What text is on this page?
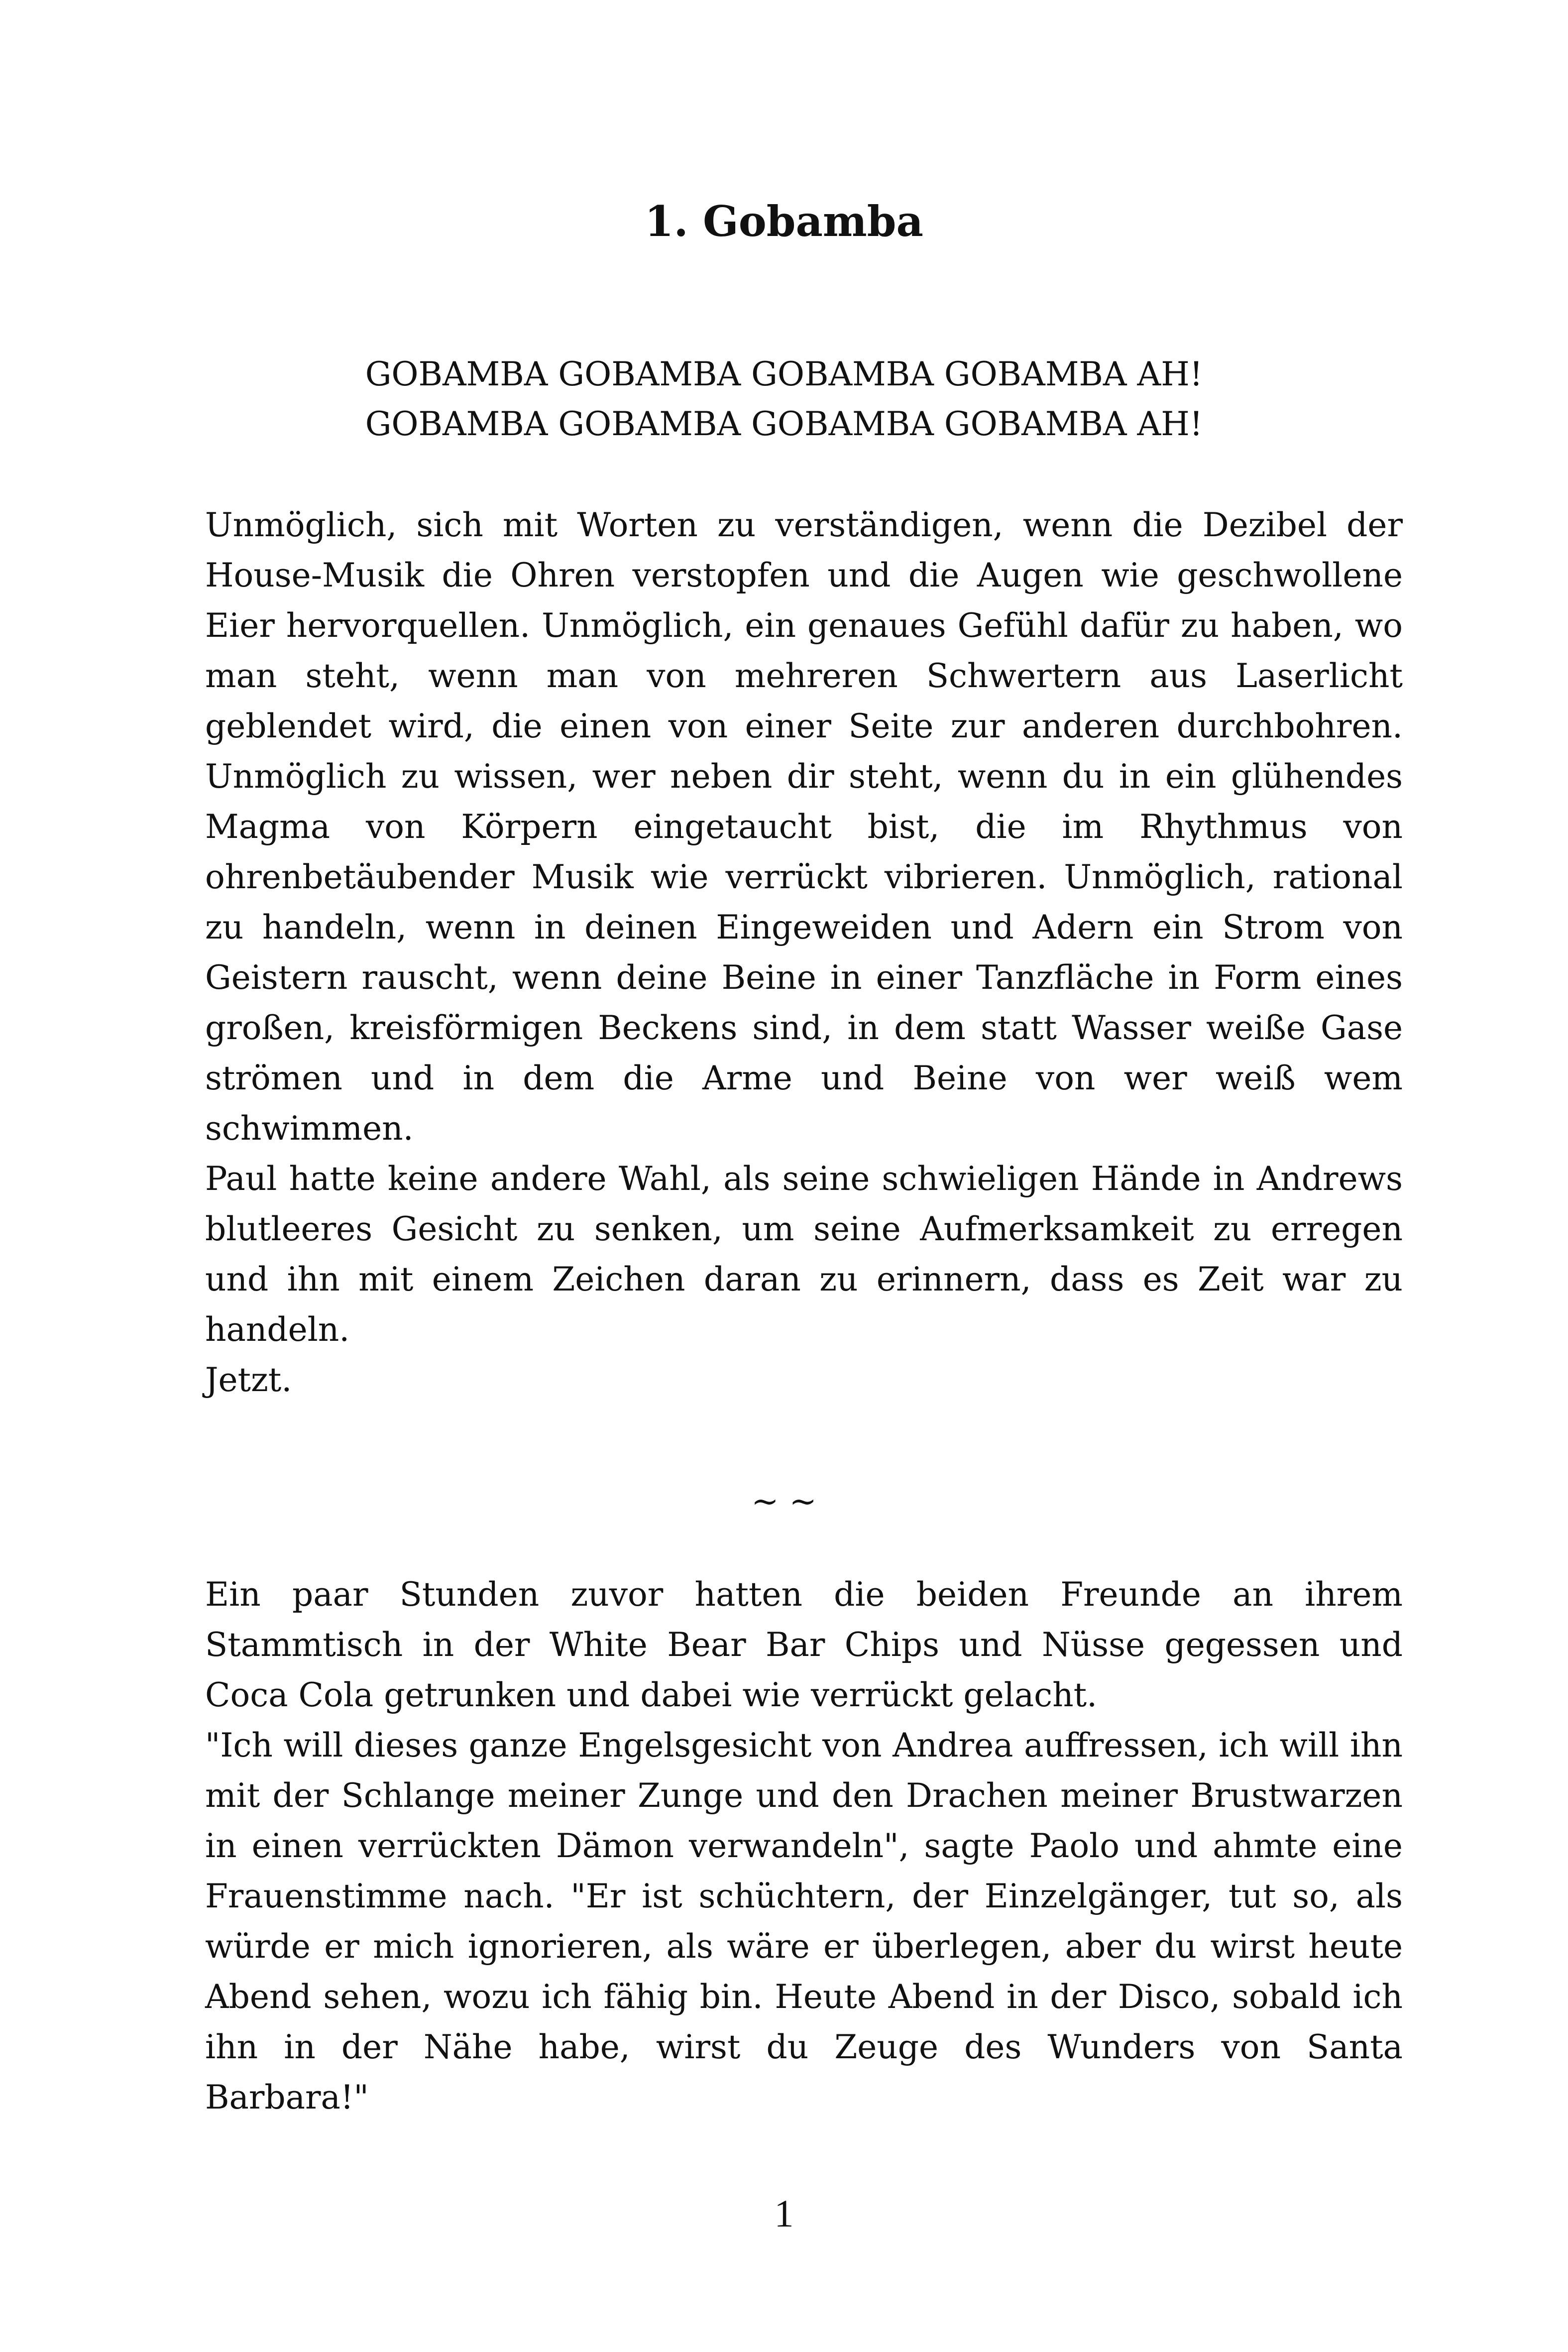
1. Gobamba
GOBAMBA GOBAMBA GOBAMBA GOBAMBA AH!
GOBAMBA GOBAMBA GOBAMBA GOBAMBA AH!

Unmöglich, sich mit Worten zu verständigen, wenn die Dezibel der House-Musik die Ohren verstopfen und die Augen wie geschwollene Eier hervorquellen. Unmöglich, ein genaues Gefühl dafür zu haben, wo man steht, wenn man von mehreren Schwertern aus Laserlicht geblendet wird, die einen von einer Seite zur anderen durchbohren. Unmöglich zu wissen, wer neben dir steht, wenn du in ein glühendes Magma von Körpern eingetaucht bist, die im Rhythmus von ohrenbetäubender Musik wie verrückt vibrieren. Unmöglich, rational zu handeln, wenn in deinen Eingeweiden und Adern ein Strom von Geistern rauscht, wenn deine Beine in einer Tanzfläche in Form eines großen, kreisförmigen Beckens sind, in dem statt Wasser weiße Gase strömen und in dem die Arme und Beine von wer weiß wem schwimmen.

Paul hatte keine andere Wahl, als seine schwieligen Hände in Andrews blutleeres Gesicht zu senken, um seine Aufmerksamkeit zu erregen und ihn mit einem Zeichen daran zu erinnern, dass es Zeit war zu handeln.

Jetzt.

~ ~

Ein paar Stunden zuvor hatten die beiden Freunde an ihrem Stammtisch in der White Bear Bar Chips und Nüsse gegessen und Coca Cola getrunken und dabei wie verrückt gelacht.

"Ich will dieses ganze Engelsgesicht von Andrea auffressen, ich will ihn mit der Schlange meiner Zunge und den Drachen meiner Brustwarzen in einen verrückten Dämon verwandeln", sagte Paolo und ahmte eine Frauenstimme nach. "Er ist schüchtern, der Einzelgänger, tut so, als würde er mich ignorieren, als wäre er überlegen, aber du wirst heute Abend sehen, wozu ich fähig bin. Heute Abend in der Disco, sobald ich ihn in der Nähe habe, wirst du Zeuge des Wunders von Santa Barbara!"

1
